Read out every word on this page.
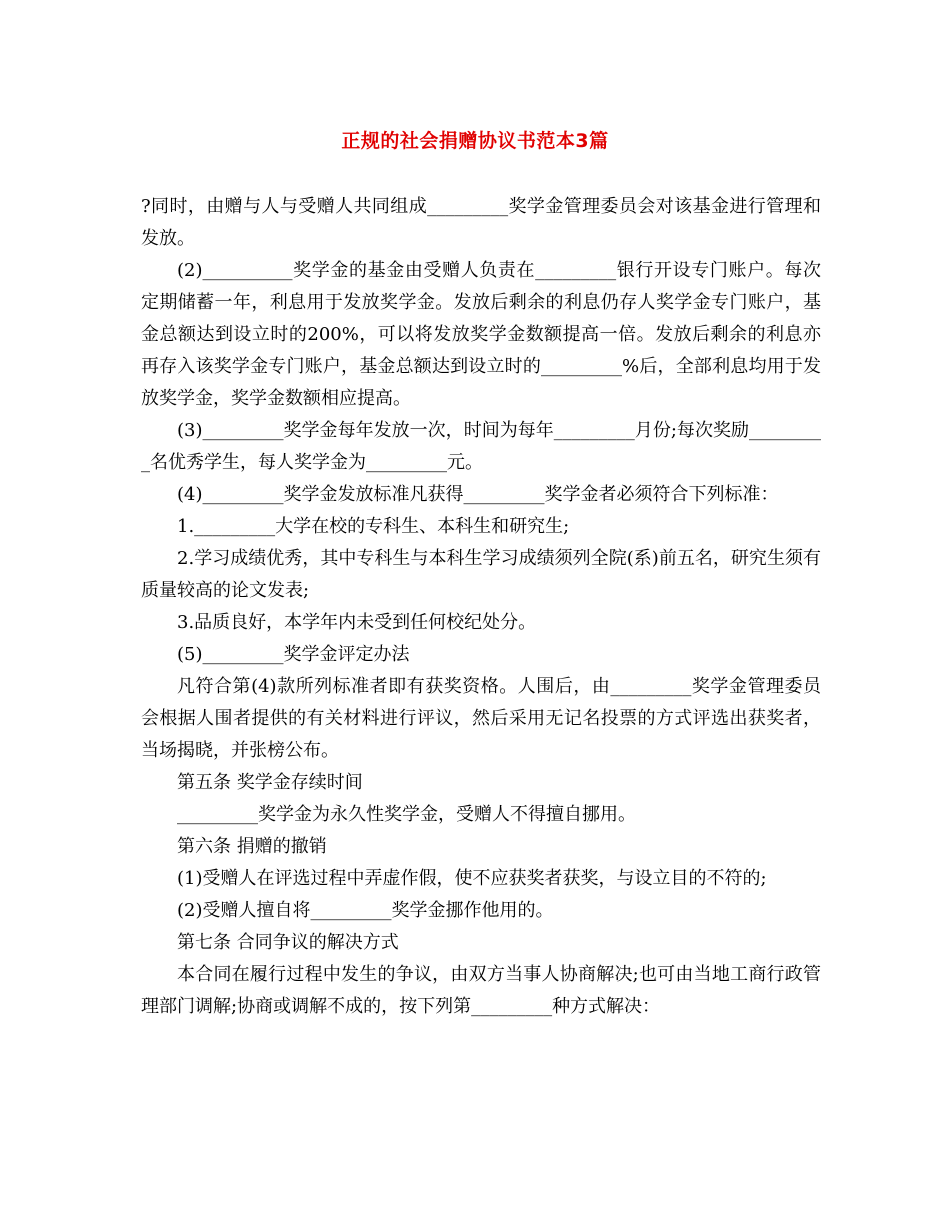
正规的社会捐赠协议书范本3篇

?同时，由赠与人与受赠人共同组成_________奖学金管理委员会对该基金进行管理和发放。

(2)__________奖学金的基金由受赠人负责在_________银行开设专门账户。每次定期储蓄一年，利息用于发放奖学金。发放后剩余的利息仍存人奖学金专门账户，基金总额达到设立时的200%，可以将发放奖学金数额提高一倍。发放后剩余的利息亦再存入该奖学金专门账户，基金总额达到设立时的_________%后，全部利息均用于发放奖学金，奖学金数额相应提高。

(3)_________奖学金每年发放一次，时间为每年_________月份;每次奖励_________名优秀学生，每人奖学金为_________元。

(4)_________奖学金发放标准凡获得_________奖学金者必须符合下列标准：

1._________大学在校的专科生、本科生和研究生;

2.学习成绩优秀，其中专科生与本科生学习成绩须列全院(系)前五名，研究生须有质量较高的论文发表;

3.品质良好，本学年内未受到任何校纪处分。

(5)_________奖学金评定办法

凡符合第(4)款所列标准者即有获奖资格。人围后，由_________奖学金管理委员会根据人围者提供的有关材料进行评议，然后采用无记名投票的方式评选出获奖者，当场揭晓，并张榜公布。

第五条 奖学金存续时间

_________奖学金为永久性奖学金，受赠人不得擅自挪用。

第六条 捐赠的撤销

(1)受赠人在评选过程中弄虚作假，使不应获奖者获奖，与设立目的不符的;

(2)受赠人擅自将_________奖学金挪作他用的。

第七条 合同争议的解决方式

本合同在履行过程中发生的争议，由双方当事人协商解决;也可由当地工商行政管理部门调解;协商或调解不成的，按下列第_________种方式解决：
